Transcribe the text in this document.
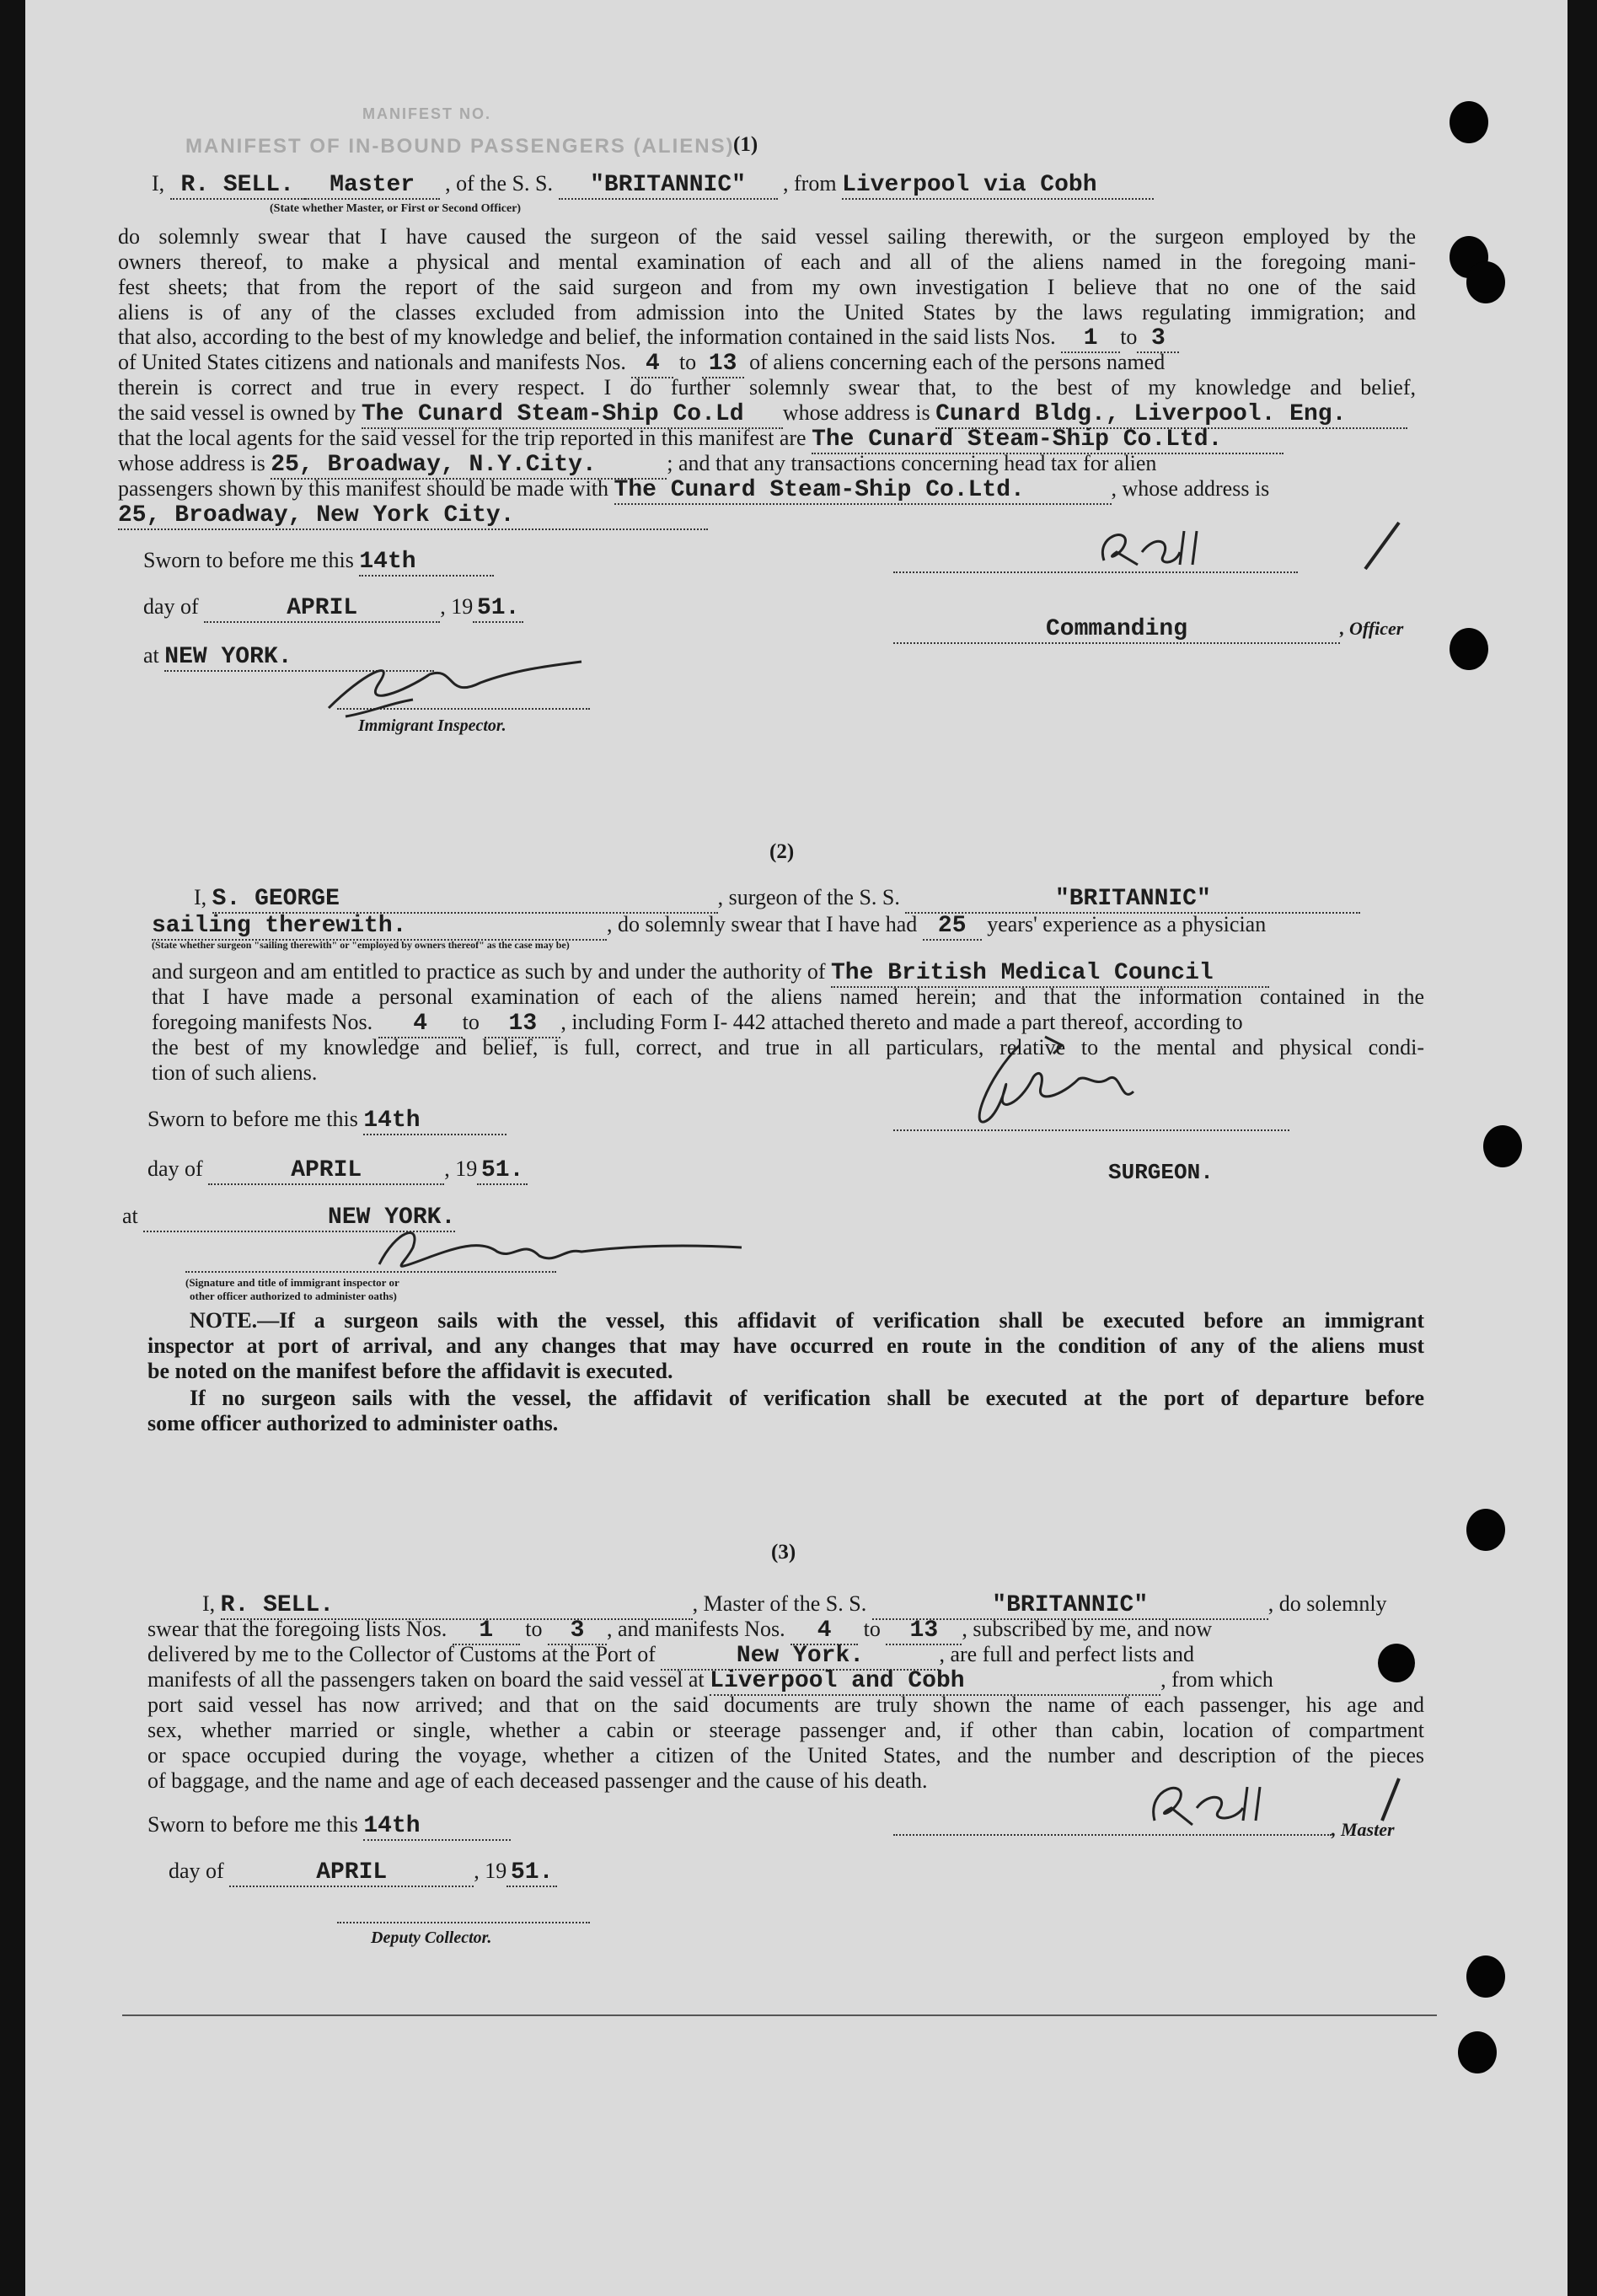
MANIFEST NO.
MANIFEST OF IN-BOUND PASSENGERS (ALIENS)
(1)
I, R. SELL. Master , of the S. S. "BRITANNIC" , from Liverpool via Cobh
(State whether Master, or First or Second Officer)
do solemnly swear that I have caused the surgeon of the said vessel sailing therewith, or the surgeon employed by the
owners thereof, to make a physical and mental examination of each and all of the aliens named in the foregoing mani-
fest sheets; that from the report of the said surgeon and from my own investigation I believe that no one of the said
aliens is of any of the classes excluded from admission into the United States by the laws regulating immigration; and
that also, according to the best of my knowledge and belief, the information contained in the said lists Nos. 1 to 3
of United States citizens and nationals and manifests Nos. 4 to 13 of aliens concerning each of the persons named
therein is correct and true in every respect. I do further solemnly swear that, to the best of my knowledge and belief,
the said vessel is owned by The Cunard Steam-Ship Co.Ld whose address is Cunard Bldg., Liverpool. Eng.
that the local agents for the said vessel for the trip reported in this manifest are The Cunard Steam-Ship Co.Ltd.
whose address is 25, Broadway, N.Y.City.	; and that any transactions concerning head tax for alien
passengers shown by this manifest should be made with The Cunard Steam-Ship Co.Ltd.	, whose address is
25, Broadway, New York City.
Sworn to before me this 14th
day of	APRIL	, 19 51.
Commanding	, Officer
at NEW YORK.
Immigrant Inspector.
(2)
I, S. GEORGE	, surgeon of the S. S.	"BRITANNIC"
sailing therewith.	, do solemnly swear that I have had 25 years' experience as a physician
(State whether surgeon "sailing therewith" or "employed by owners thereof" as the case may be)
and surgeon and am entitled to practice as such by and under the authority of The British Medical Council
that I have made a personal examination of each of the aliens named herein; and that the information contained in the
foregoing manifests Nos. 4 to 13 , including Form I- 442 attached thereto and made a part thereof, according to
the best of my knowledge and belief, is full, correct, and true in all particulars, relative to the mental and physical condi-
tion of such aliens.
Sworn to before me this 14th
day of	APRIL	, 19 51.	SURGEON.
at	NEW YORK.
(Signature and title of immigrant inspector or
other officer authorized to administer oaths)
NOTE.—If a surgeon sails with the vessel, this affidavit of verification shall be executed before an immigrant
inspector at port of arrival, and any changes that may have occurred en route in the condition of any of the aliens must
be noted on the manifest before the affidavit is executed.
If no surgeon sails with the vessel, the affidavit of verification shall be executed at the port of departure before
some officer authorized to administer oaths.
(3)
I, R. SELL.	, Master of the S. S.	"BRITANNIC"	, do solemnly
swear that the foregoing lists Nos. 1 to 3 , and manifests Nos. 4 to 13 , subscribed by me, and now
delivered by me to the Collector of Customs at the Port of	New York.	, are full and perfect lists and
manifests of all the passengers taken on board the said vessel at Liverpool and Cobh	, from which
port said vessel has now arrived; and that on the said documents are truly shown the name of each passenger, his age and
sex, whether married or single, whether a cabin or steerage passenger and, if other than cabin, location of compartment
or space occupied during the voyage, whether a citizen of the United States, and the number and description of the pieces
of baggage, and the name and age of each deceased passenger and the cause of his death.
Sworn to before me this 14th	, Master
day of	APRIL	, 19 51.
Deputy Collector.
